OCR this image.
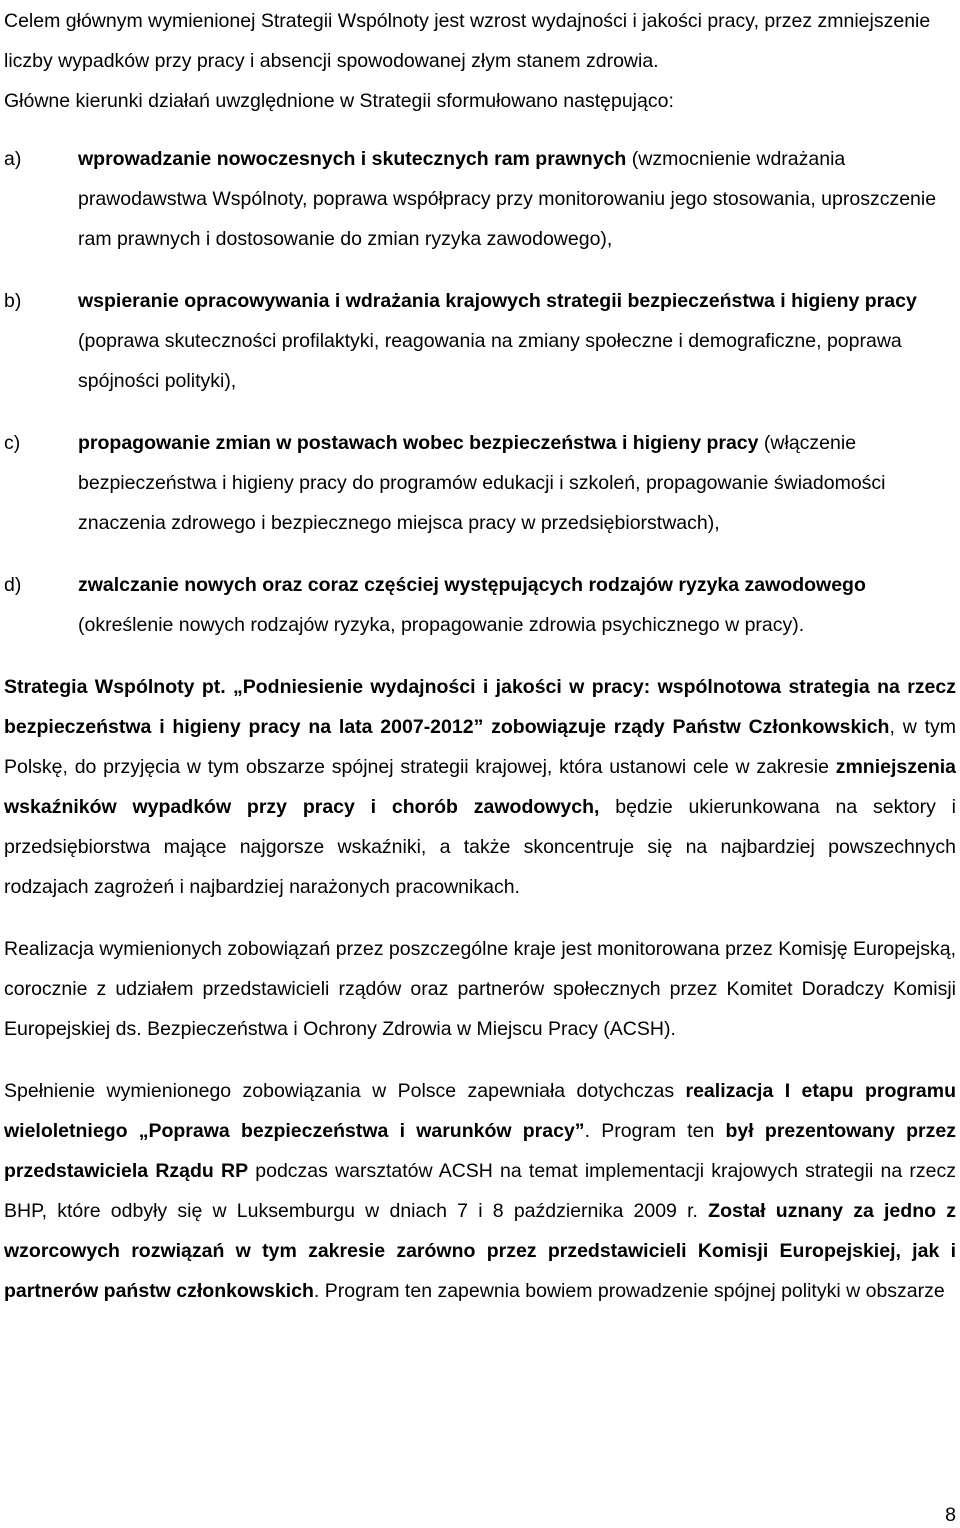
Celem głównym wymienionej Strategii Wspólnoty jest wzrost wydajności i jakości pracy, przez zmniejszenie liczby wypadków przy pracy i absencji spowodowanej złym stanem zdrowia.
Główne kierunki działań uwzględnione w Strategii sformułowano następująco:

a)	wprowadzanie nowoczesnych i skutecznych ram prawnych (wzmocnienie wdrażania prawodawstwa Wspólnoty, poprawa współpracy przy monitorowaniu jego stosowania, uproszczenie ram prawnych i dostosowanie do zmian ryzyka zawodowego),
b)	wspieranie opracowywania i wdrażania krajowych strategii bezpieczeństwa i higieny pracy (poprawa skuteczności profilaktyki, reagowania na zmiany społeczne i demograficzne, poprawa spójności polityki),
c)	propagowanie zmian w postawach wobec bezpieczeństwa i higieny pracy (włączenie bezpieczeństwa i higieny pracy do programów edukacji i szkoleń, propagowanie świadomości znaczenia zdrowego i bezpiecznego miejsca pracy w przedsiębiorstwach),
d)	zwalczanie nowych oraz coraz częściej występujących rodzajów ryzyka zawodowego (określenie nowych rodzajów ryzyka, propagowanie zdrowia psychicznego w pracy).

Strategia Wspólnoty pt. „Podniesienie wydajności i jakości w pracy: wspólnotowa strategia na rzecz bezpieczeństwa i higieny pracy na lata 2007-2012” zobowiązuje rządy Państw Członkowskich, w tym Polskę, do przyjęcia w tym obszarze spójnej strategii krajowej, która ustanowi cele w zakresie zmniejszenia wskaźników wypadków przy pracy i chorób zawodowych, będzie ukierunkowana na sektory i przedsiębiorstwa mające najgorsze wskaźniki, a także skoncentruje się na najbardziej powszechnych rodzajach zagrożeń i najbardziej narażonych pracownikach.

Realizacja wymienionych zobowiązań przez poszczególne kraje jest monitorowana przez Komisję Europejską, corocznie z udziałem przedstawicieli rządów oraz partnerów społecznych przez Komitet Doradczy Komisji Europejskiej ds. Bezpieczeństwa i Ochrony Zdrowia w Miejscu Pracy (ACSH).

Spełnienie wymienionego zobowiązania w Polsce zapewniała dotychczas realizacja I etapu programu wieloletniego „Poprawa bezpieczeństwa i warunków pracy”. Program ten był prezentowany przez przedstawiciela Rządu RP podczas warsztatów ACSH na temat implementacji krajowych strategii na rzecz BHP, które odbyły się w Luksemburgu w dniach 7 i 8 października 2009 r. Został uznany za jedno z wzorcowych rozwiązań w tym zakresie zarówno przez przedstawicieli Komisji Europejskiej, jak i partnerów państw członkowskich. Program ten zapewnia bowiem prowadzenie spójnej polityki w obszarze

8
